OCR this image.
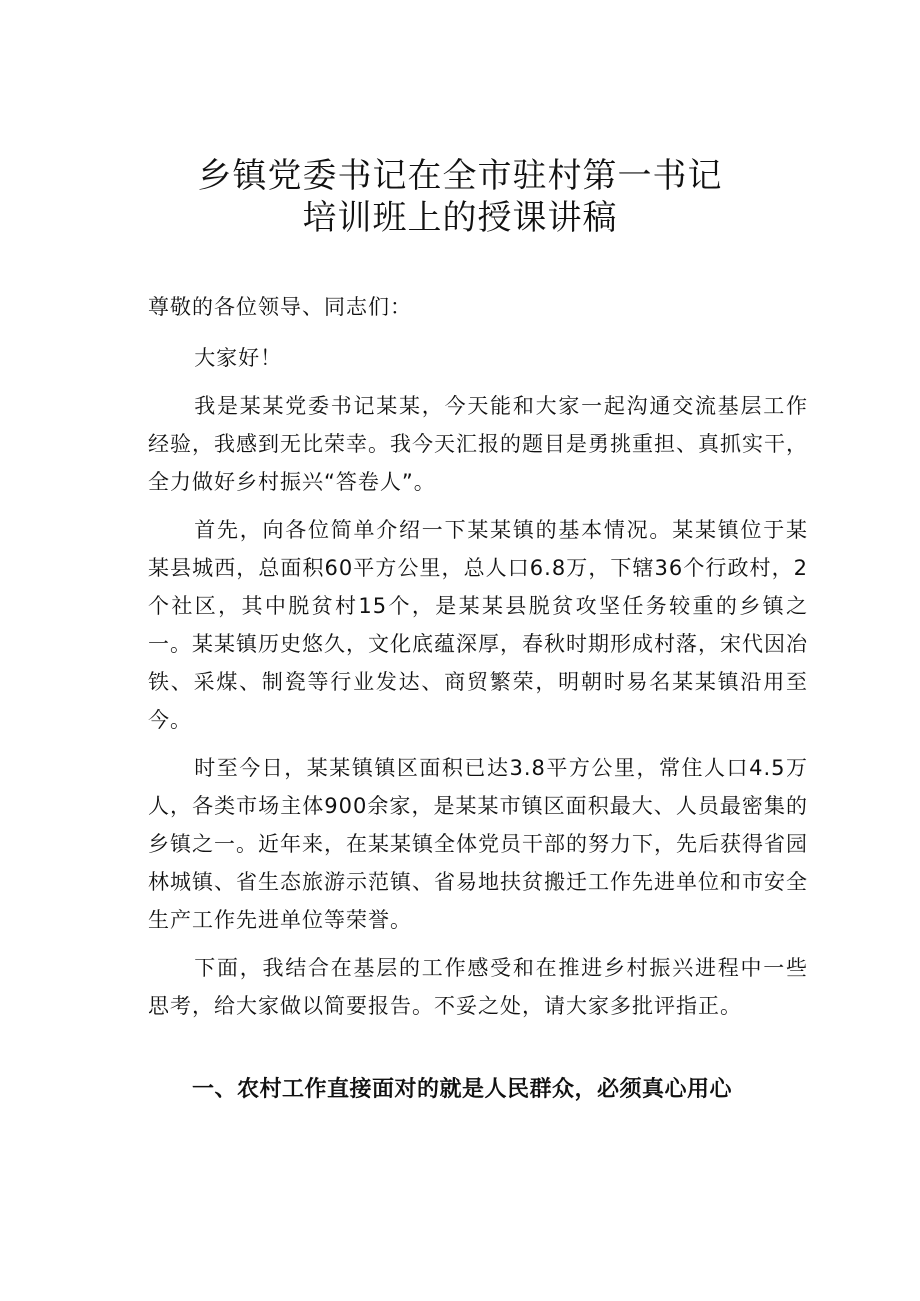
乡镇党委书记在全市驻村第一书记
培训班上的授课讲稿

尊敬的各位领导、同志们：

大家好！

我是某某党委书记某某，今天能和大家一起沟通交流基层工作经验，我感到无比荣幸。我今天汇报的题目是勇挑重担、真抓实干，全力做好乡村振兴“答卷人”。

首先，向各位简单介绍一下某某镇的基本情况。某某镇位于某某县城西，总面积60平方公里，总人口6.8万，下辖36个行政村，2个社区，其中脱贫村15个，是某某县脱贫攻坚任务较重的乡镇之一。某某镇历史悠久，文化底蕴深厚，春秋时期形成村落，宋代因冶铁、采煤、制瓷等行业发达、商贸繁荣，明朝时易名某某镇沿用至今。

时至今日，某某镇镇区面积已达3.8平方公里，常住人口4.5万人，各类市场主体900余家，是某某市镇区面积最大、人员最密集的乡镇之一。近年来，在某某镇全体党员干部的努力下，先后获得省园林城镇、省生态旅游示范镇、省易地扶贫搬迁工作先进单位和市安全生产工作先进单位等荣誉。

下面，我结合在基层的工作感受和在推进乡村振兴进程中一些思考，给大家做以简要报告。不妥之处，请大家多批评指正。

一、农村工作直接面对的就是人民群众，必须真心用心
